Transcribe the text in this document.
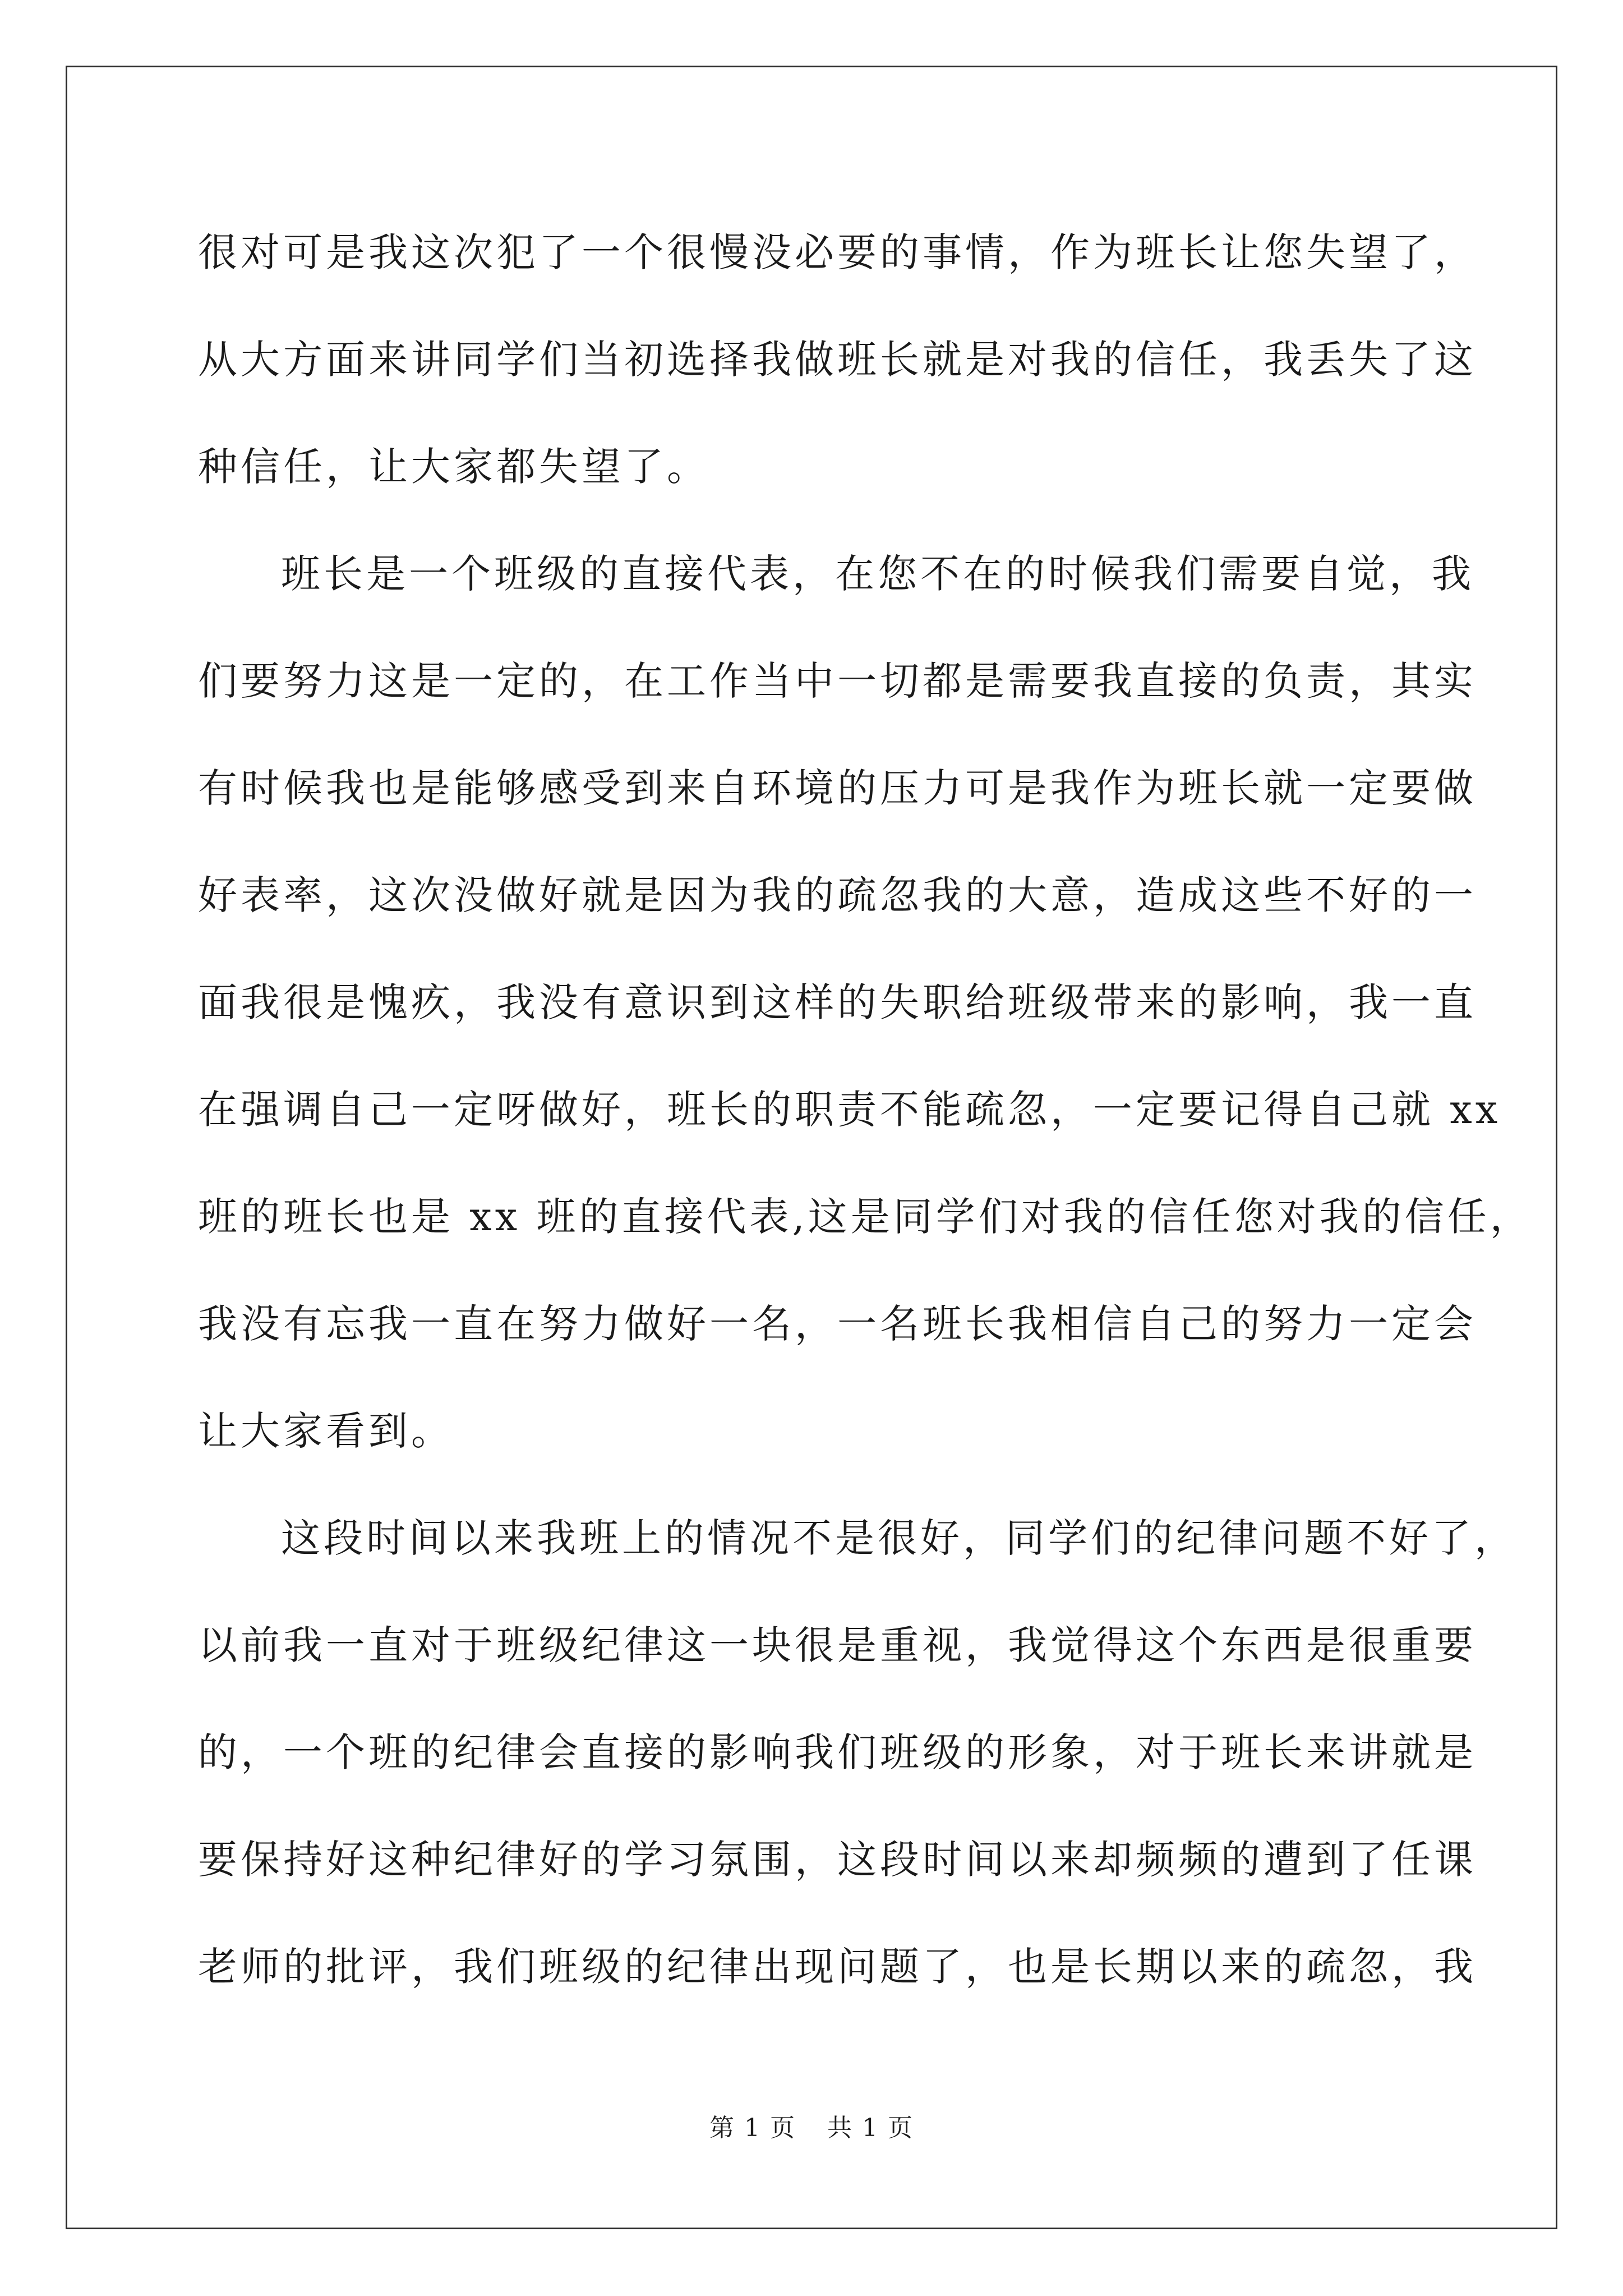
很对可是我这次犯了一个很慢没必要的事情，作为班长让您失望了，
从大方面来讲同学们当初选择我做班长就是对我的信任，我丢失了这
种信任，让大家都失望了。
班长是一个班级的直接代表，在您不在的时候我们需要自觉，我
们要努力这是一定的，在工作当中一切都是需要我直接的负责，其实
有时候我也是能够感受到来自环境的压力可是我作为班长就一定要做
好表率，这次没做好就是因为我的疏忽我的大意，造成这些不好的一
面我很是愧疚，我没有意识到这样的失职给班级带来的影响，我一直
在强调自己一定呀做好，班长的职责不能疏忽，一定要记得自己就 xx
班的班长也是 xx 班的直接代表,这是同学们对我的信任您对我的信任，
我没有忘我一直在努力做好一名，一名班长我相信自己的努力一定会
让大家看到。
这段时间以来我班上的情况不是很好，同学们的纪律问题不好了，
以前我一直对于班级纪律这一块很是重视，我觉得这个东西是很重要
的，一个班的纪律会直接的影响我们班级的形象，对于班长来讲就是
要保持好这种纪律好的学习氛围，这段时间以来却频频的遭到了任课
老师的批评，我们班级的纪律出现问题了，也是长期以来的疏忽，我
第 1 页 共 1 页
